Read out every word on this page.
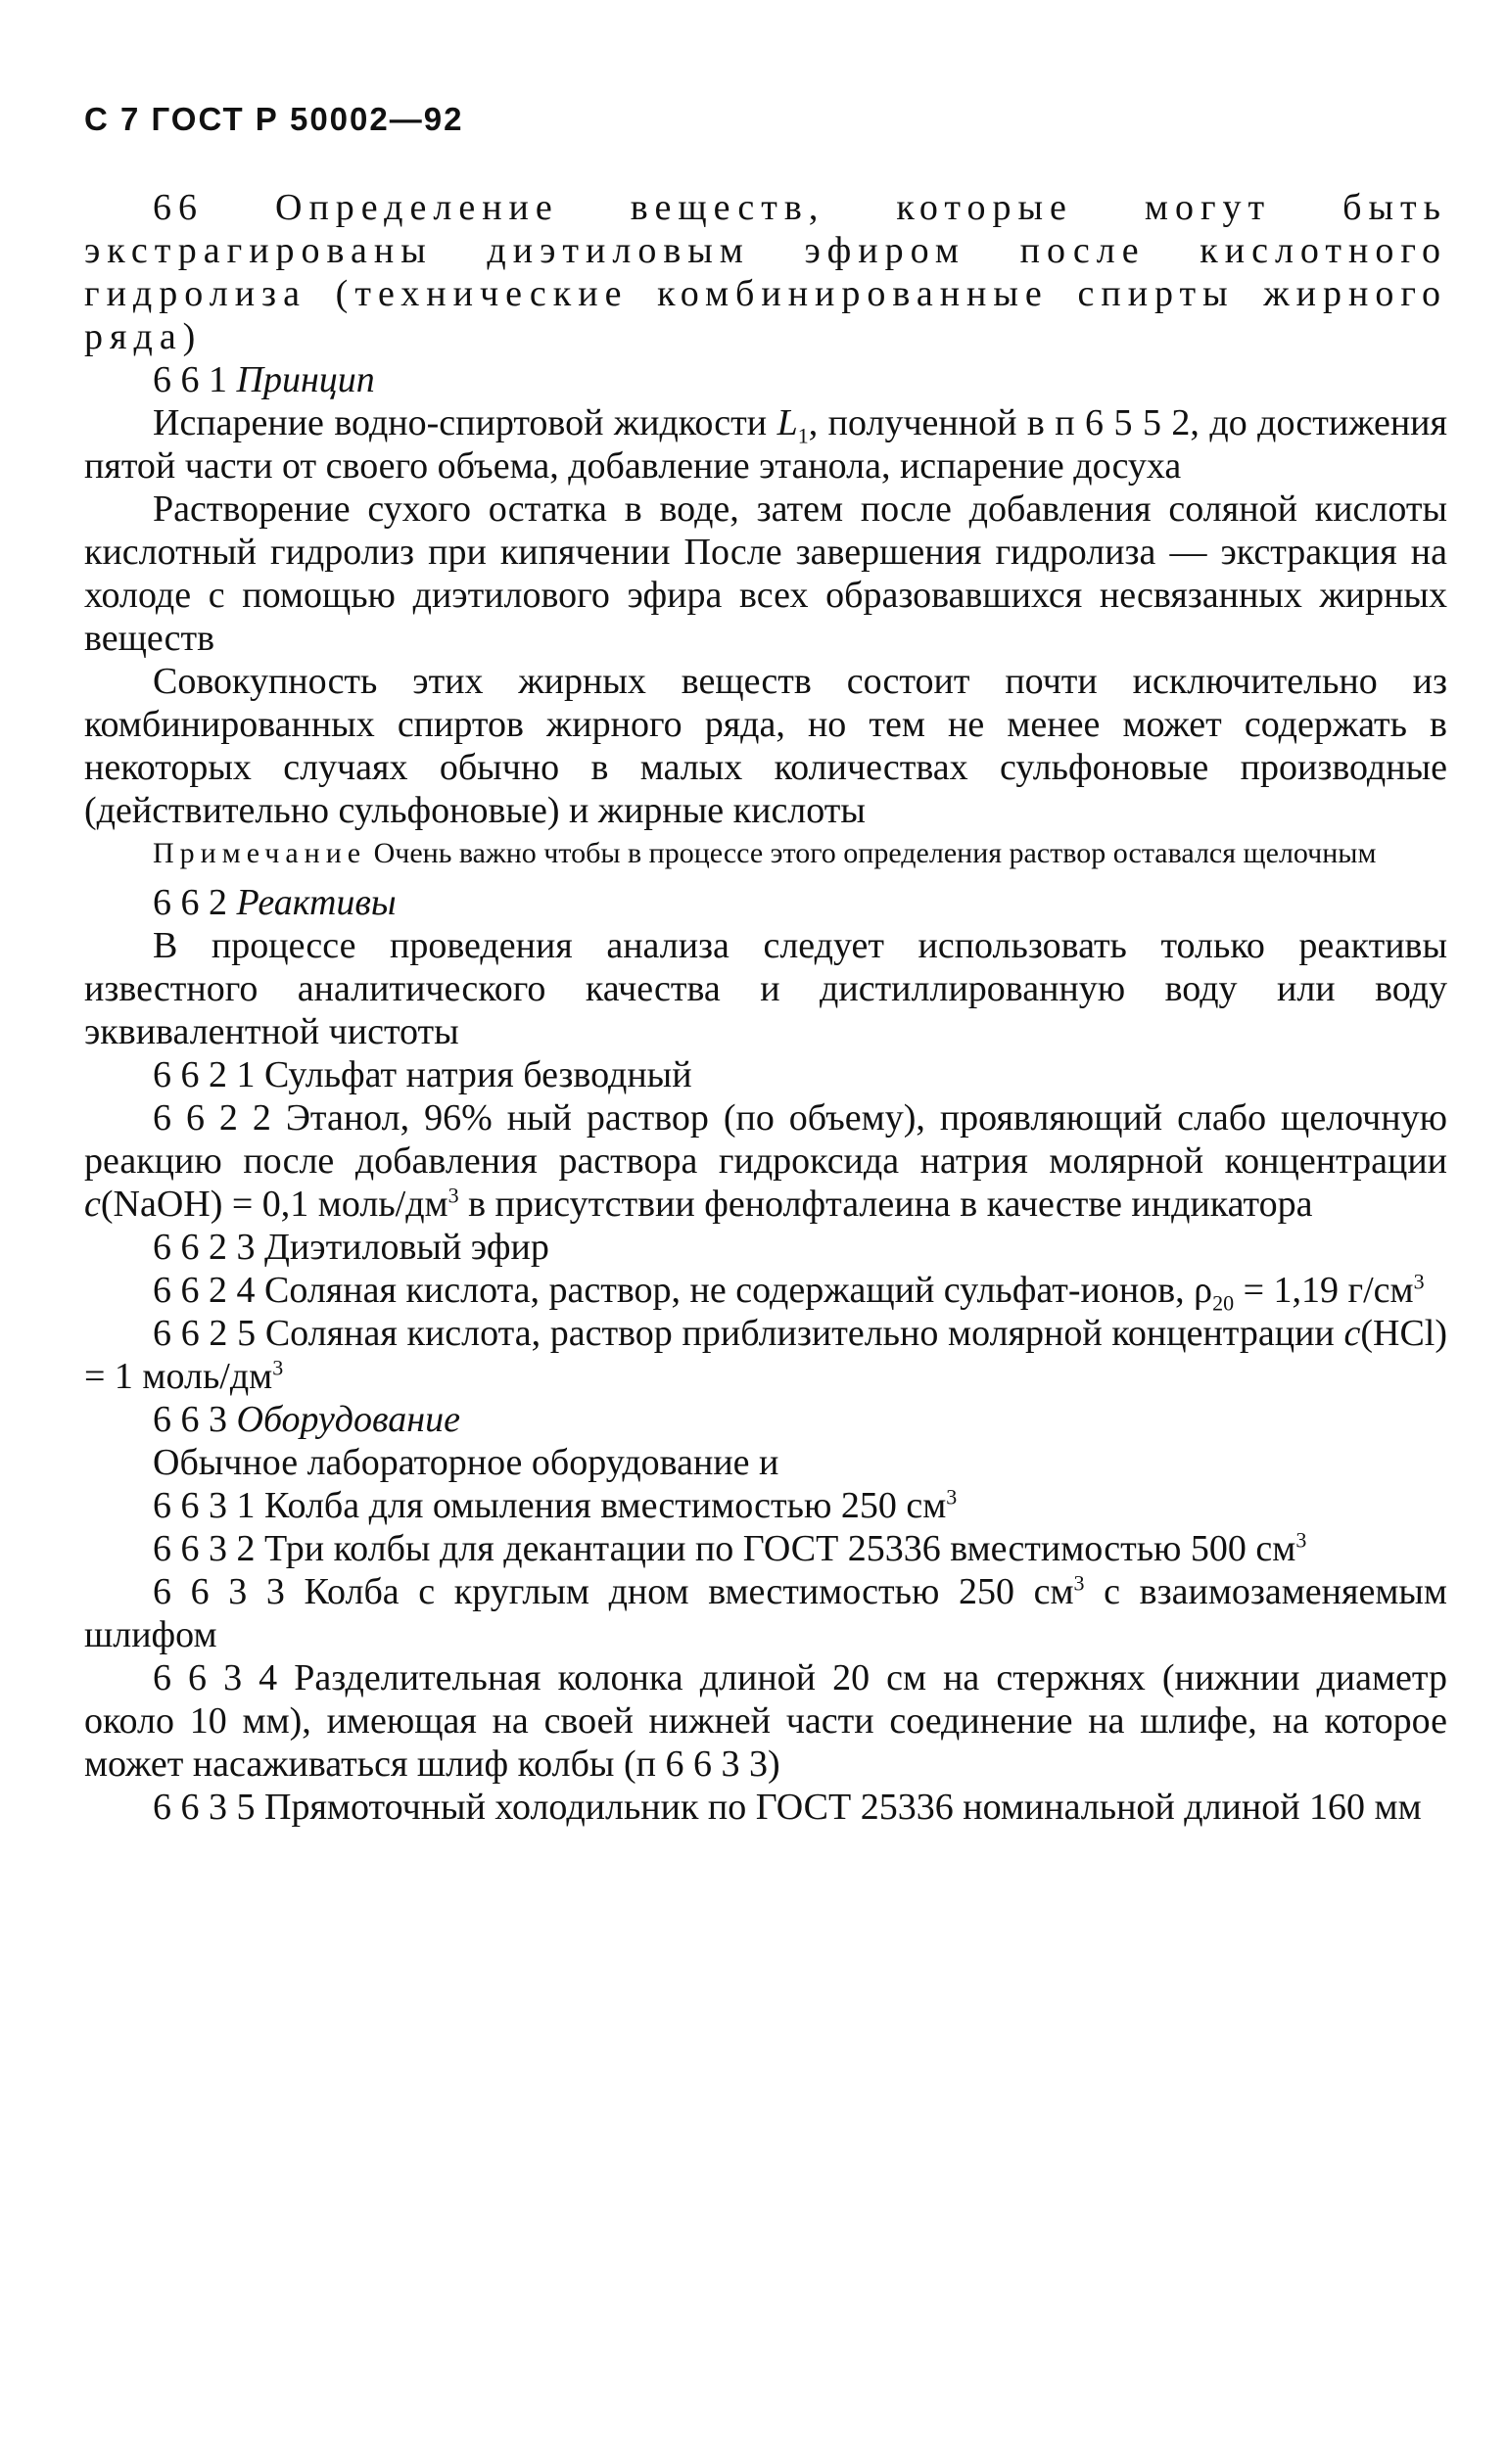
С 7 ГОСТ Р 50002—92

66 Определение веществ, которые могут быть экстрагированы диэтиловым эфиром после кислотного гидролиза (технические комбинированные спирты жирного ряда)

6 6 1 Принцип

Испарение водно-спиртовой жидкости $L_1$, полученной в п 6 5 5 2, до достижения пятой части от своего объема, добавление этанола, испарение досуха

Растворение сухого остатка в воде, затем после добавления соляной кислоты кислотный гидролиз при кипячении После завершения гидролиза — экстракция на холоде с помощью диэтилового эфира всех образовавшихся несвязанных жирных веществ

Совокупность этих жирных веществ состоит почти исключительно из комбинированных спиртов жирного ряда, но тем не менее может содержать в некоторых случаях обычно в малых количествах сульфоновые производные (действительно сульфоновые) и жирные кислоты

Примечание Очень важно чтобы в процессе этого определения раствор оставался щелочным

6 6 2 Реактивы

В процессе проведения анализа следует использовать только реактивы известного аналитического качества и дистиллированную воду или воду эквивалентной чистоты

6 6 2 1 Сульфат натрия безводный

6 6 2 2 Этанол, 96% ный раствор (по объему), проявляющий слабо щелочную реакцию после добавления раствора гидроксида натрия молярной концентрации c(NaOH) = 0,1 моль/$дм^3$ в присутствии фенолфталеина в качестве индикатора

6 6 2 3 Диэтиловый эфир

6 6 2 4 Соляная кислота, раствор, не содержащий сульфат-ионов, $\rho_{20} = 1,19$ $г/см^3$

6 6 2 5 Соляная кислота, раствор приблизительно молярной концентрации c(HCl) = 1 моль/$дм^3$

6 6 3 Оборудование

Обычное лабораторное оборудование и

6 6 3 1 Колба для омыления вместимостью 250 $см^3$

6 6 3 2 Три колбы для декантации по ГОСТ 25336 вместимостью 500 $см^3$

6 6 3 3 Колба с круглым дном вместимостью 250 $см^3$ с взаимозаменяемым шлифом

6 6 3 4 Разделительная колонка длиной 20 см на стержнях (нижнии диаметр около 10 мм), имеющая на своей нижней части соединение на шлифе, на которое может насаживаться шлиф колбы (п 6 6 3 3)

6 6 3 5 Прямоточный холодильник по ГОСТ 25336 номинальной длиной 160 мм
